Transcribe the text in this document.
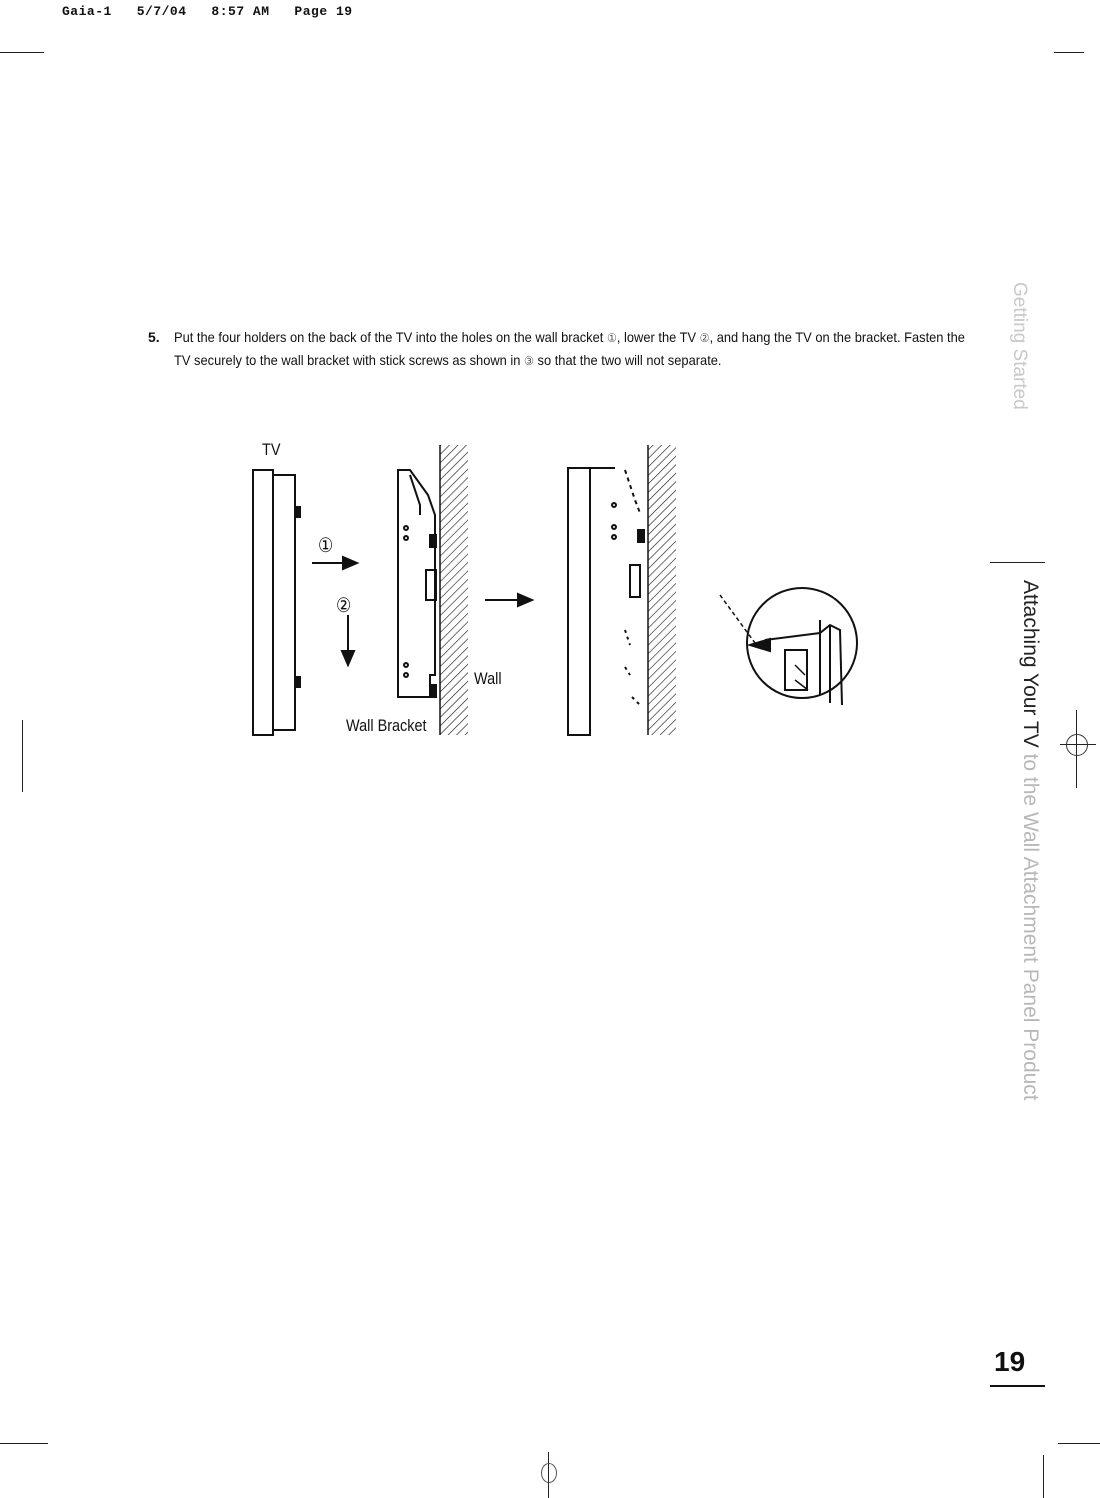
Gaia-1   5/7/04   8:57 AM   Page 19
5. Put the four holders on the back of the TV into the holes on the wall bracket ①, lower the TV ②, and hang the TV on the bracket. Fasten the TV securely to the wall bracket with stick screws as shown in ③ so that the two will not separate.
TV
①
②
Wall
Wall Bracket
Getting Started
Attaching Your TV to the Wall Attachment Panel Product
19
